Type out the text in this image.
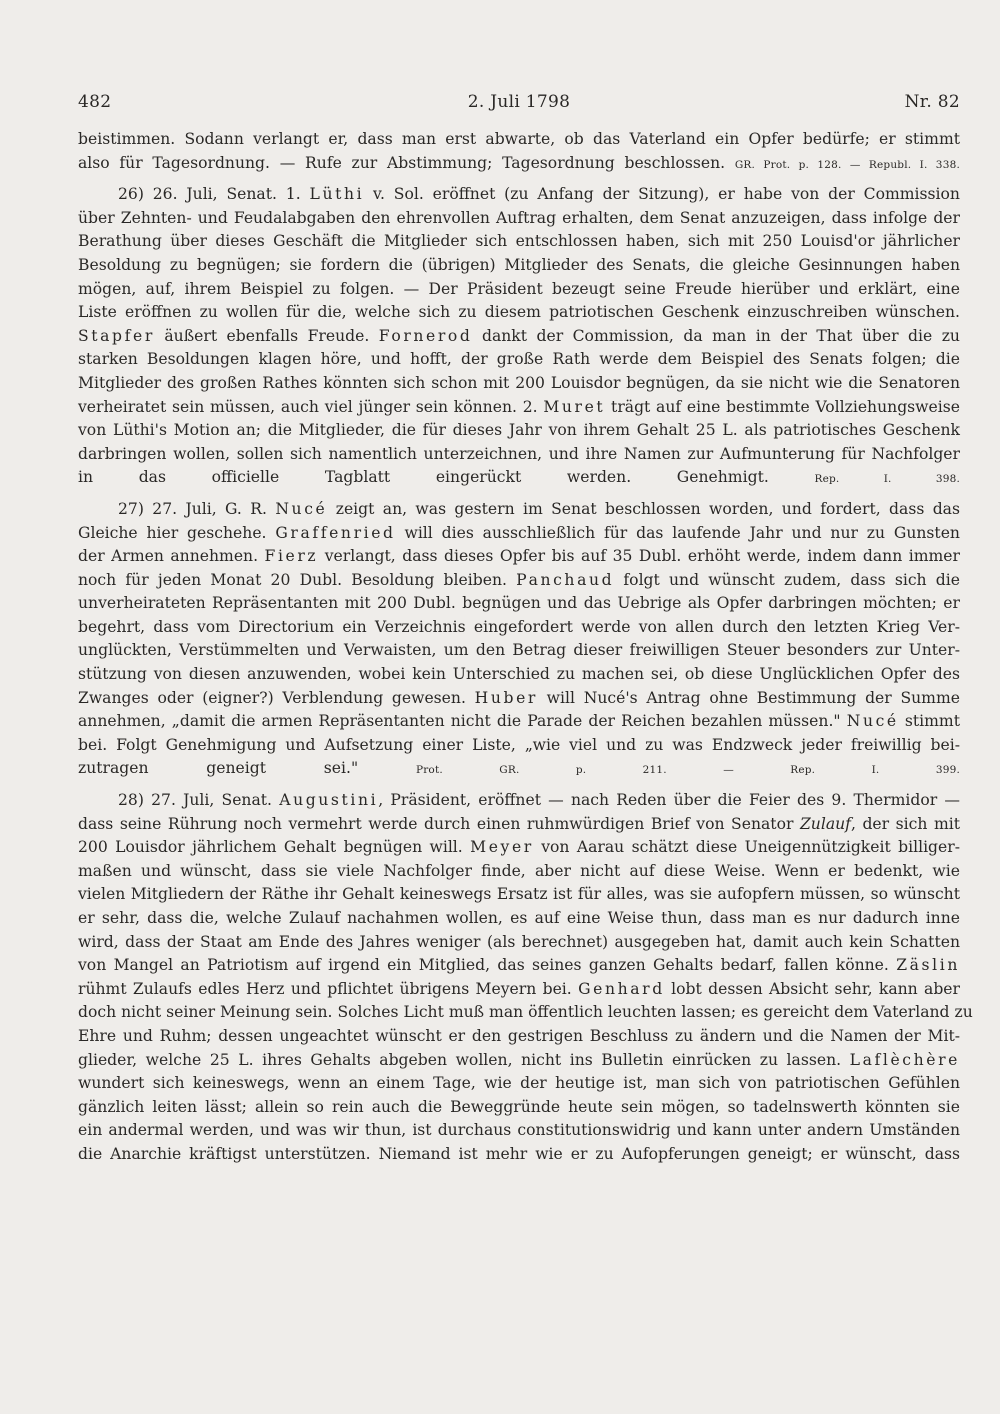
482	2. Juli 1798	Nr. 82
beistimmen. Sodann verlangt er, dass man erst abwarte, ob das Vaterland ein Opfer bedürfe; er stimmt
also für Tagesordnung. — Rufe zur Abstimmung; Tagesordnung beschlossen. GR. Prot. p. 128. — Republ. I. 338.
26) 26. Juli, Senat. 1. Lüthi v. Sol. eröffnet (zu Anfang der Sitzung), er habe von der Commission
über Zehnten- und Feudalabgaben den ehrenvollen Auftrag erhalten, dem Senat anzuzeigen, dass infolge der
Berathung über dieses Geschäft die Mitglieder sich entschlossen haben, sich mit 250 Louisd'or jährlicher
Besoldung zu begnügen; sie fordern die (übrigen) Mitglieder des Senats, die gleiche Gesinnungen haben
mögen, auf, ihrem Beispiel zu folgen. — Der Präsident bezeugt seine Freude hierüber und erklärt, eine
Liste eröffnen zu wollen für die, welche sich zu diesem patriotischen Geschenk einzuschreiben wünschen.
Stapfer äußert ebenfalls Freude. Fornerod dankt der Commission, da man in der That über die zu
starken Besoldungen klagen höre, und hofft, der große Rath werde dem Beispiel des Senats folgen; die
Mitglieder des großen Rathes könnten sich schon mit 200 Louisdor begnügen, da sie nicht wie die Senatoren
verheiratet sein müssen, auch viel jünger sein können. 2. Muret trägt auf eine bestimmte Vollziehungsweise
von Lüthi's Motion an; die Mitglieder, die für dieses Jahr von ihrem Gehalt 25 L. als patriotisches Geschenk
darbringen wollen, sollen sich namentlich unterzeichnen, und ihre Namen zur Aufmunterung für Nachfolger
in das officielle Tagblatt eingerückt werden. Genehmigt.	Rep. I. 398.
27) 27. Juli, G. R. Nucé zeigt an, was gestern im Senat beschlossen worden, und fordert, dass das
Gleiche hier geschehe. Graffenried will dies ausschließlich für das laufende Jahr und nur zu Gunsten
der Armen annehmen. Fierz verlangt, dass dieses Opfer bis auf 35 Dubl. erhöht werde, indem dann immer
noch für jeden Monat 20 Dubl. Besoldung bleiben. Panchaud folgt und wünscht zudem, dass sich die
unverheirateten Repräsentanten mit 200 Dubl. begnügen und das Uebrige als Opfer darbringen möchten; er
begehrt, dass vom Directorium ein Verzeichnis eingefordert werde von allen durch den letzten Krieg Ver-
unglückten, Verstümmelten und Verwaisten, um den Betrag dieser freiwilligen Steuer besonders zur Unter-
stützung von diesen anzuwenden, wobei kein Unterschied zu machen sei, ob diese Unglücklichen Opfer des
Zwanges oder (eigner?) Verblendung gewesen. Huber will Nucé's Antrag ohne Bestimmung der Summe
annehmen, „damit die armen Repräsentanten nicht die Parade der Reichen bezahlen müssen." Nucé stimmt
bei. Folgt Genehmigung und Aufsetzung einer Liste, „wie viel und zu was Endzweck jeder freiwillig bei-
zutragen geneigt sei."	Prot. GR. p. 211. — Rep. I. 399.
28) 27. Juli, Senat. Augustini, Präsident, eröffnet — nach Reden über die Feier des 9. Thermidor —
dass seine Rührung noch vermehrt werde durch einen ruhmwürdigen Brief von Senator Zulauf, der sich mit
200 Louisdor jährlichem Gehalt begnügen will. Meyer von Aarau schätzt diese Uneigennützigkeit billiger-
maßen und wünscht, dass sie viele Nachfolger finde, aber nicht auf diese Weise. Wenn er bedenkt, wie
vielen Mitgliedern der Räthe ihr Gehalt keineswegs Ersatz ist für alles, was sie aufopfern müssen, so wünscht
er sehr, dass die, welche Zulauf nachahmen wollen, es auf eine Weise thun, dass man es nur dadurch inne
wird, dass der Staat am Ende des Jahres weniger (als berechnet) ausgegeben hat, damit auch kein Schatten
von Mangel an Patriotism auf irgend ein Mitglied, das seines ganzen Gehalts bedarf, fallen könne. Zäslin
rühmt Zulaufs edles Herz und pflichtet übrigens Meyern bei. Genhard lobt dessen Absicht sehr, kann aber
doch nicht seiner Meinung sein. Solches Licht muß man öffentlich leuchten lassen; es gereicht dem Vaterland zu
Ehre und Ruhm; dessen ungeachtet wünscht er den gestrigen Beschluss zu ändern und die Namen der Mit-
glieder, welche 25 L. ihres Gehalts abgeben wollen, nicht ins Bulletin einrücken zu lassen. Laflèchère
wundert sich keineswegs, wenn an einem Tage, wie der heutige ist, man sich von patriotischen Gefühlen
gänzlich leiten lässt; allein so rein auch die Beweggründe heute sein mögen, so tadelnswerth könnten sie
ein andermal werden, und was wir thun, ist durchaus constitutionswidrig und kann unter andern Umständen
die Anarchie kräftigst unterstützen. Niemand ist mehr wie er zu Aufopferungen geneigt; er wünscht, dass
